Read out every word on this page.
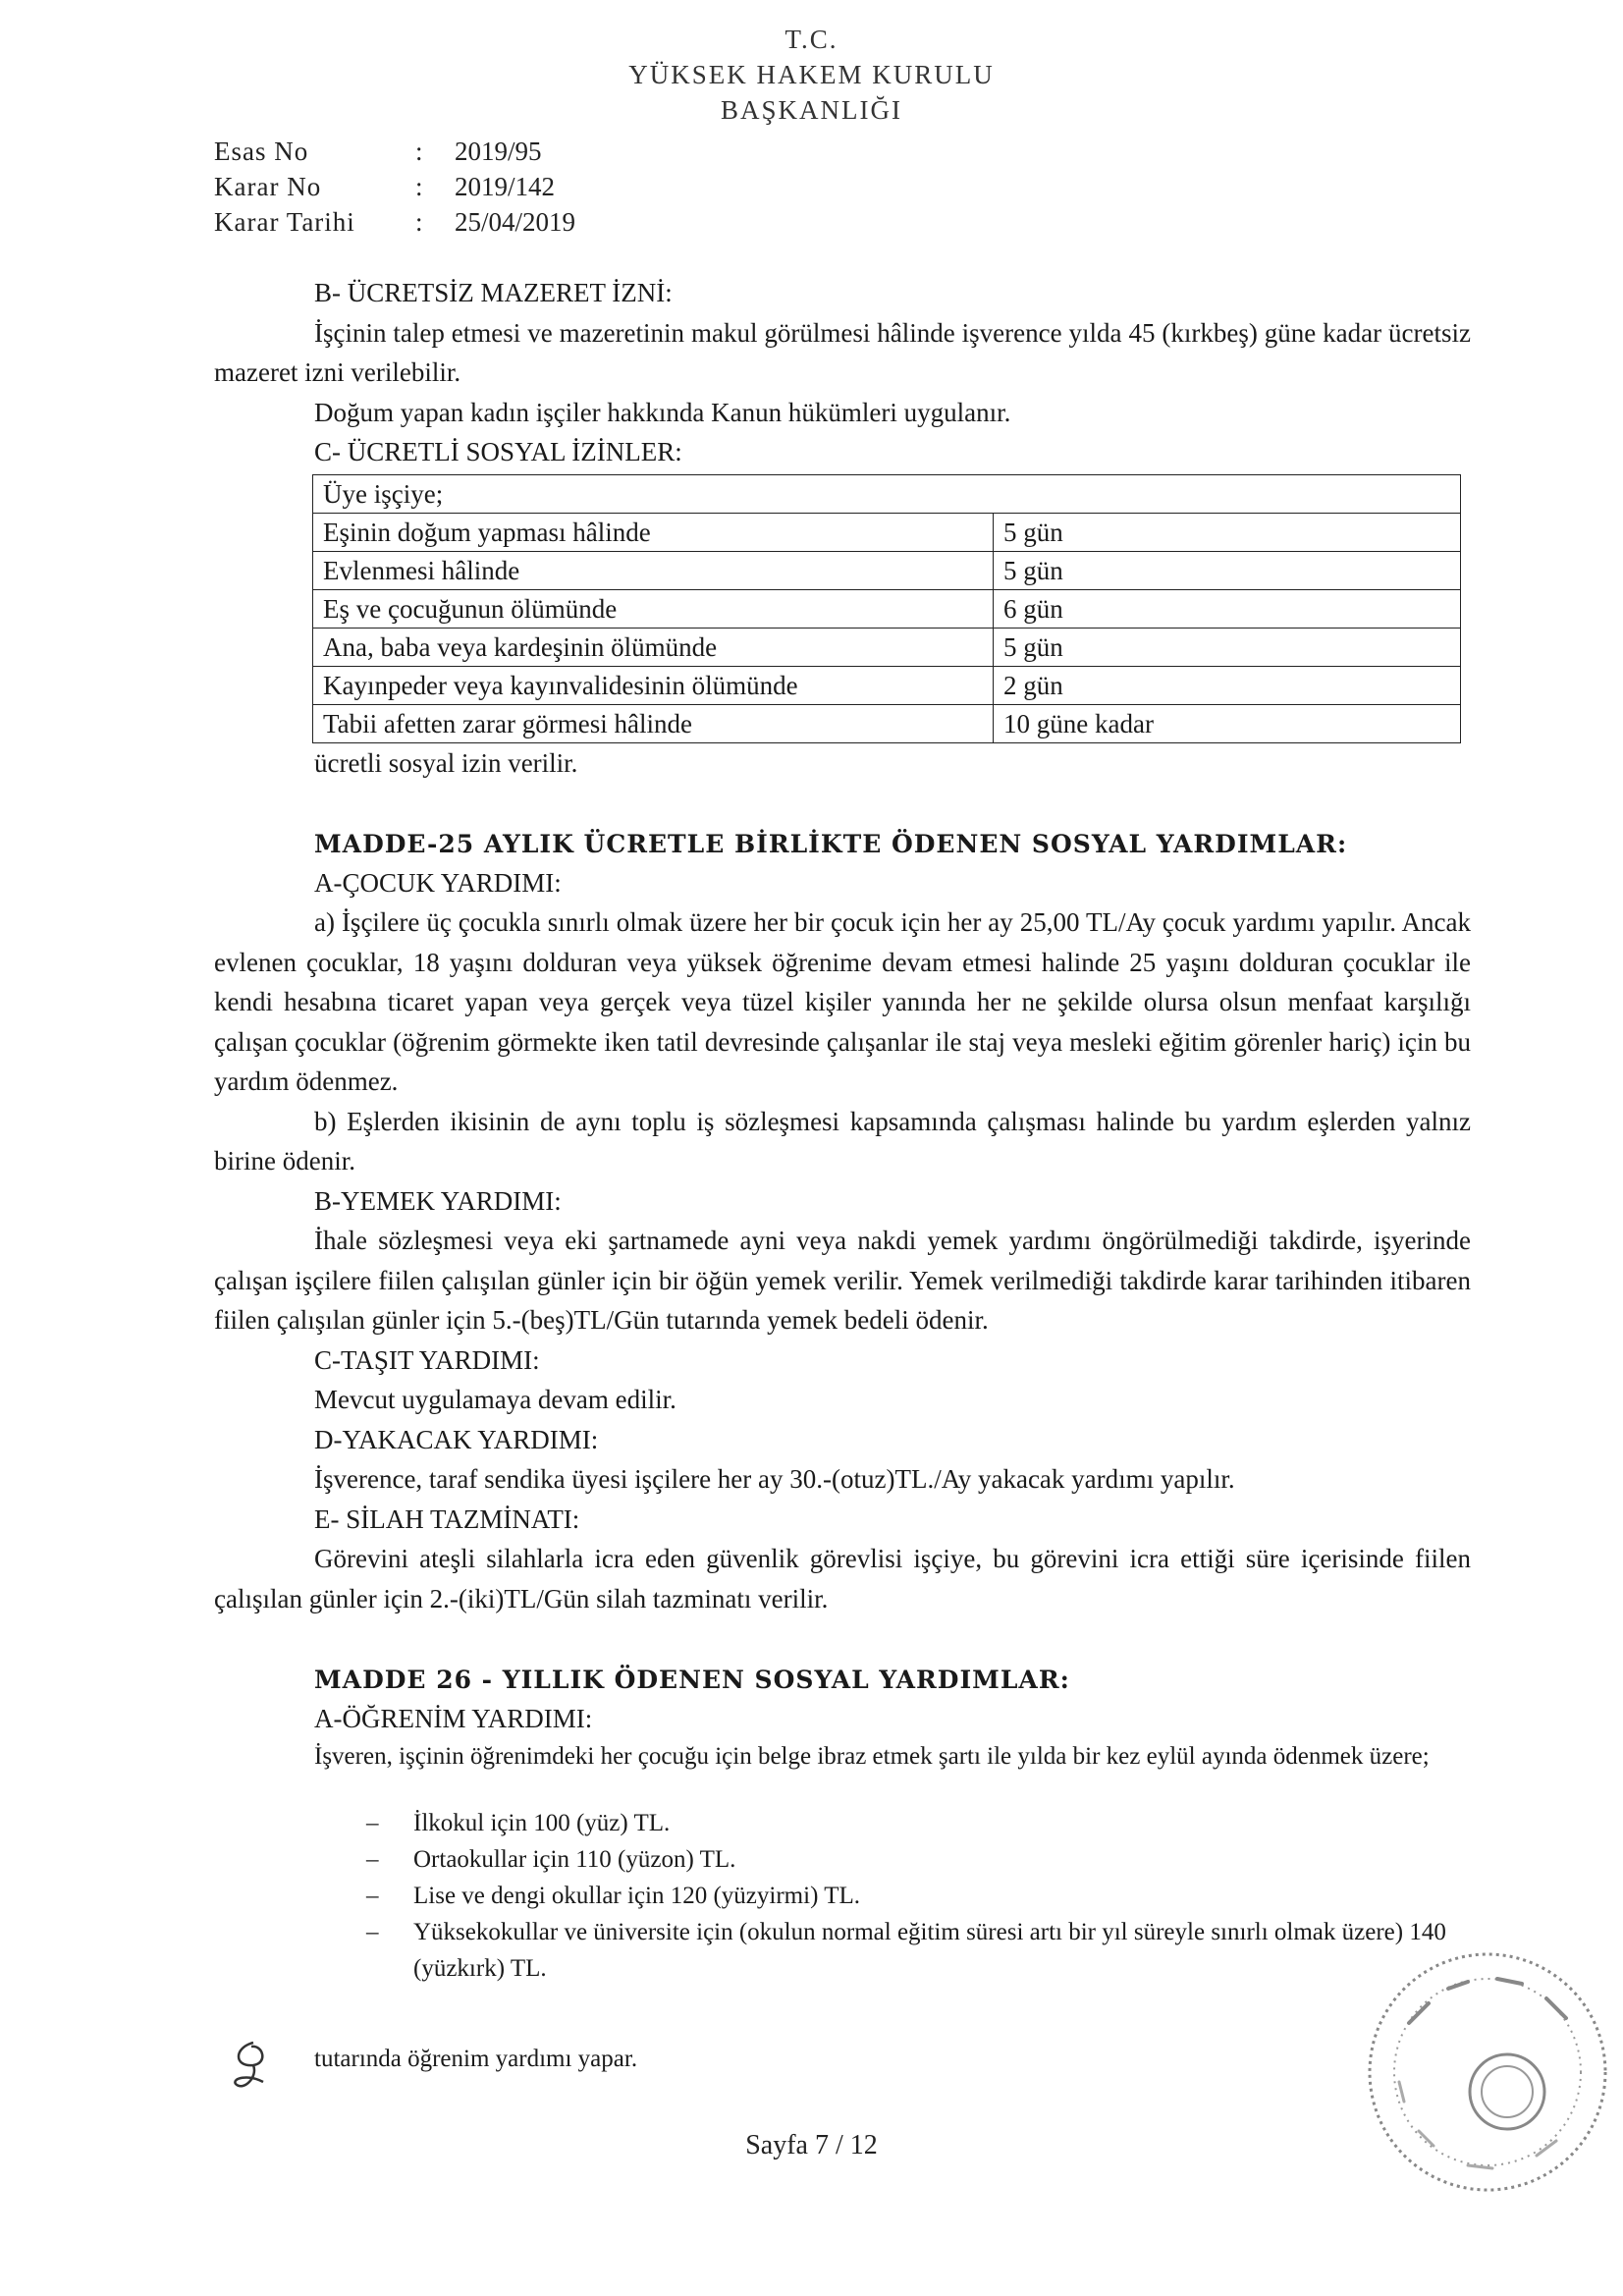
T.C.
YÜKSEK HAKEM KURULU
BAŞKANLIĞI
Esas No	:	2019/95
Karar No	:	2019/142
Karar Tarihi	:	25/04/2019

B- ÜCRETSİZ MAZERET İZNİ:

İşçinin talep etmesi ve mazeretinin makul görülmesi hâlinde işverence yılda 45 (kırkbeş) güne kadar ücretsiz mazeret izni verilebilir.

Doğum yapan kadın işçiler hakkında Kanun hükümleri uygulanır.

C- ÜCRETLİ SOSYAL İZİNLER:

Üye işçiye;	
Eşinin doğum yapması hâlinde	5 gün
Evlenmesi hâlinde	5 gün
Eş ve çocuğunun ölümünde	6 gün
Ana, baba veya kardeşinin ölümünde	5 gün
Kayınpeder veya kayınvalidesinin ölümünde	2 gün
Tabii afetten zarar görmesi hâlinde	10 güne kadar

ücretli sosyal izin verilir.

MADDE-25 AYLIK ÜCRETLE BİRLİKTE ÖDENEN SOSYAL YARDIMLAR:

A-ÇOCUK YARDIMI:

a) İşçilere üç çocukla sınırlı olmak üzere her bir çocuk için her ay 25,00 TL/Ay çocuk yardımı yapılır. Ancak evlenen çocuklar, 18 yaşını dolduran veya yüksek öğrenime devam etmesi halinde 25 yaşını dolduran çocuklar ile kendi hesabına ticaret yapan veya gerçek veya tüzel kişiler yanında her ne şekilde olursa olsun menfaat karşılığı çalışan çocuklar (öğrenim görmekte iken tatil devresinde çalışanlar ile staj veya mesleki eğitim görenler hariç) için bu yardım ödenmez.

b) Eşlerden ikisinin de aynı toplu iş sözleşmesi kapsamında çalışması halinde bu yardım eşlerden yalnız birine ödenir.

B-YEMEK YARDIMI:

İhale sözleşmesi veya eki şartnamede ayni veya nakdi yemek yardımı öngörülmediği takdirde, işyerinde çalışan işçilere fiilen çalışılan günler için bir öğün yemek verilir. Yemek verilmediği takdirde karar tarihinden itibaren fiilen çalışılan günler için 5.-(beş)TL/Gün tutarında yemek bedeli ödenir.

C-TAŞIT YARDIMI:

Mevcut uygulamaya devam edilir.

D-YAKACAK YARDIMI:

İşverence, taraf sendika üyesi işçilere her ay 30.-(otuz)TL./Ay yakacak yardımı yapılır.

E- SİLAH TAZMİNATI:

Görevini ateşli silahlarla icra eden güvenlik görevlisi işçiye, bu görevini icra ettiği süre içerisinde fiilen çalışılan günler için 2.-(iki)TL/Gün silah tazminatı verilir.

MADDE 26 - YILLIK ÖDENEN SOSYAL YARDIMLAR:

A-ÖĞRENİM YARDIMI:

İşveren, işçinin öğrenimdeki her çocuğu için belge ibraz etmek şartı ile yılda bir kez eylül ayında ödenmek üzere;

– İlkokul için 100 (yüz) TL.
– Ortaokullar için 110 (yüzon) TL.
– Lise ve dengi okullar için 120 (yüzyirmi) TL.
– Yüksekokullar ve üniversite için (okulun normal eğitim süresi artı bir yıl süreyle sınırlı olmak üzere) 140 (yüzkırk) TL.
tutarında öğrenim yardımı yapar.
Sayfa 7 / 12
